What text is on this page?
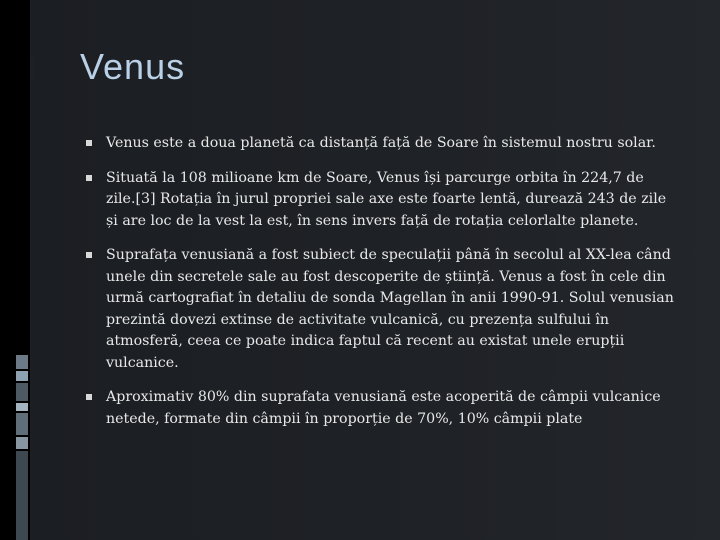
Venus
Venus este a doua planetă ca distanță față de Soare în sistemul nostru solar.
Situată la 108 milioane km de Soare, Venus își parcurge orbita în 224,7 de zile.[3] Rotația în jurul propriei sale axe este foarte lentă, durează 243 de zile și are loc de la vest la est, în sens invers față de rotația celorlalte planete.
Suprafața venusiană a fost subiect de speculații până în secolul al XX-lea când unele din secretele sale au fost descoperite de știință. Venus a fost în cele din urmă cartografiat în detaliu de sonda Magellan în anii 1990-91. Solul venusian prezintă dovezi extinse de activitate vulcanică, cu prezența sulfului în atmosferă, ceea ce poate indica faptul că recent au existat unele erupții vulcanice.
Aproximativ 80% din suprafata venusiană este acoperită de câmpii vulcanice netede, formate din câmpii în proporție de 70%, 10% câmpii plate
